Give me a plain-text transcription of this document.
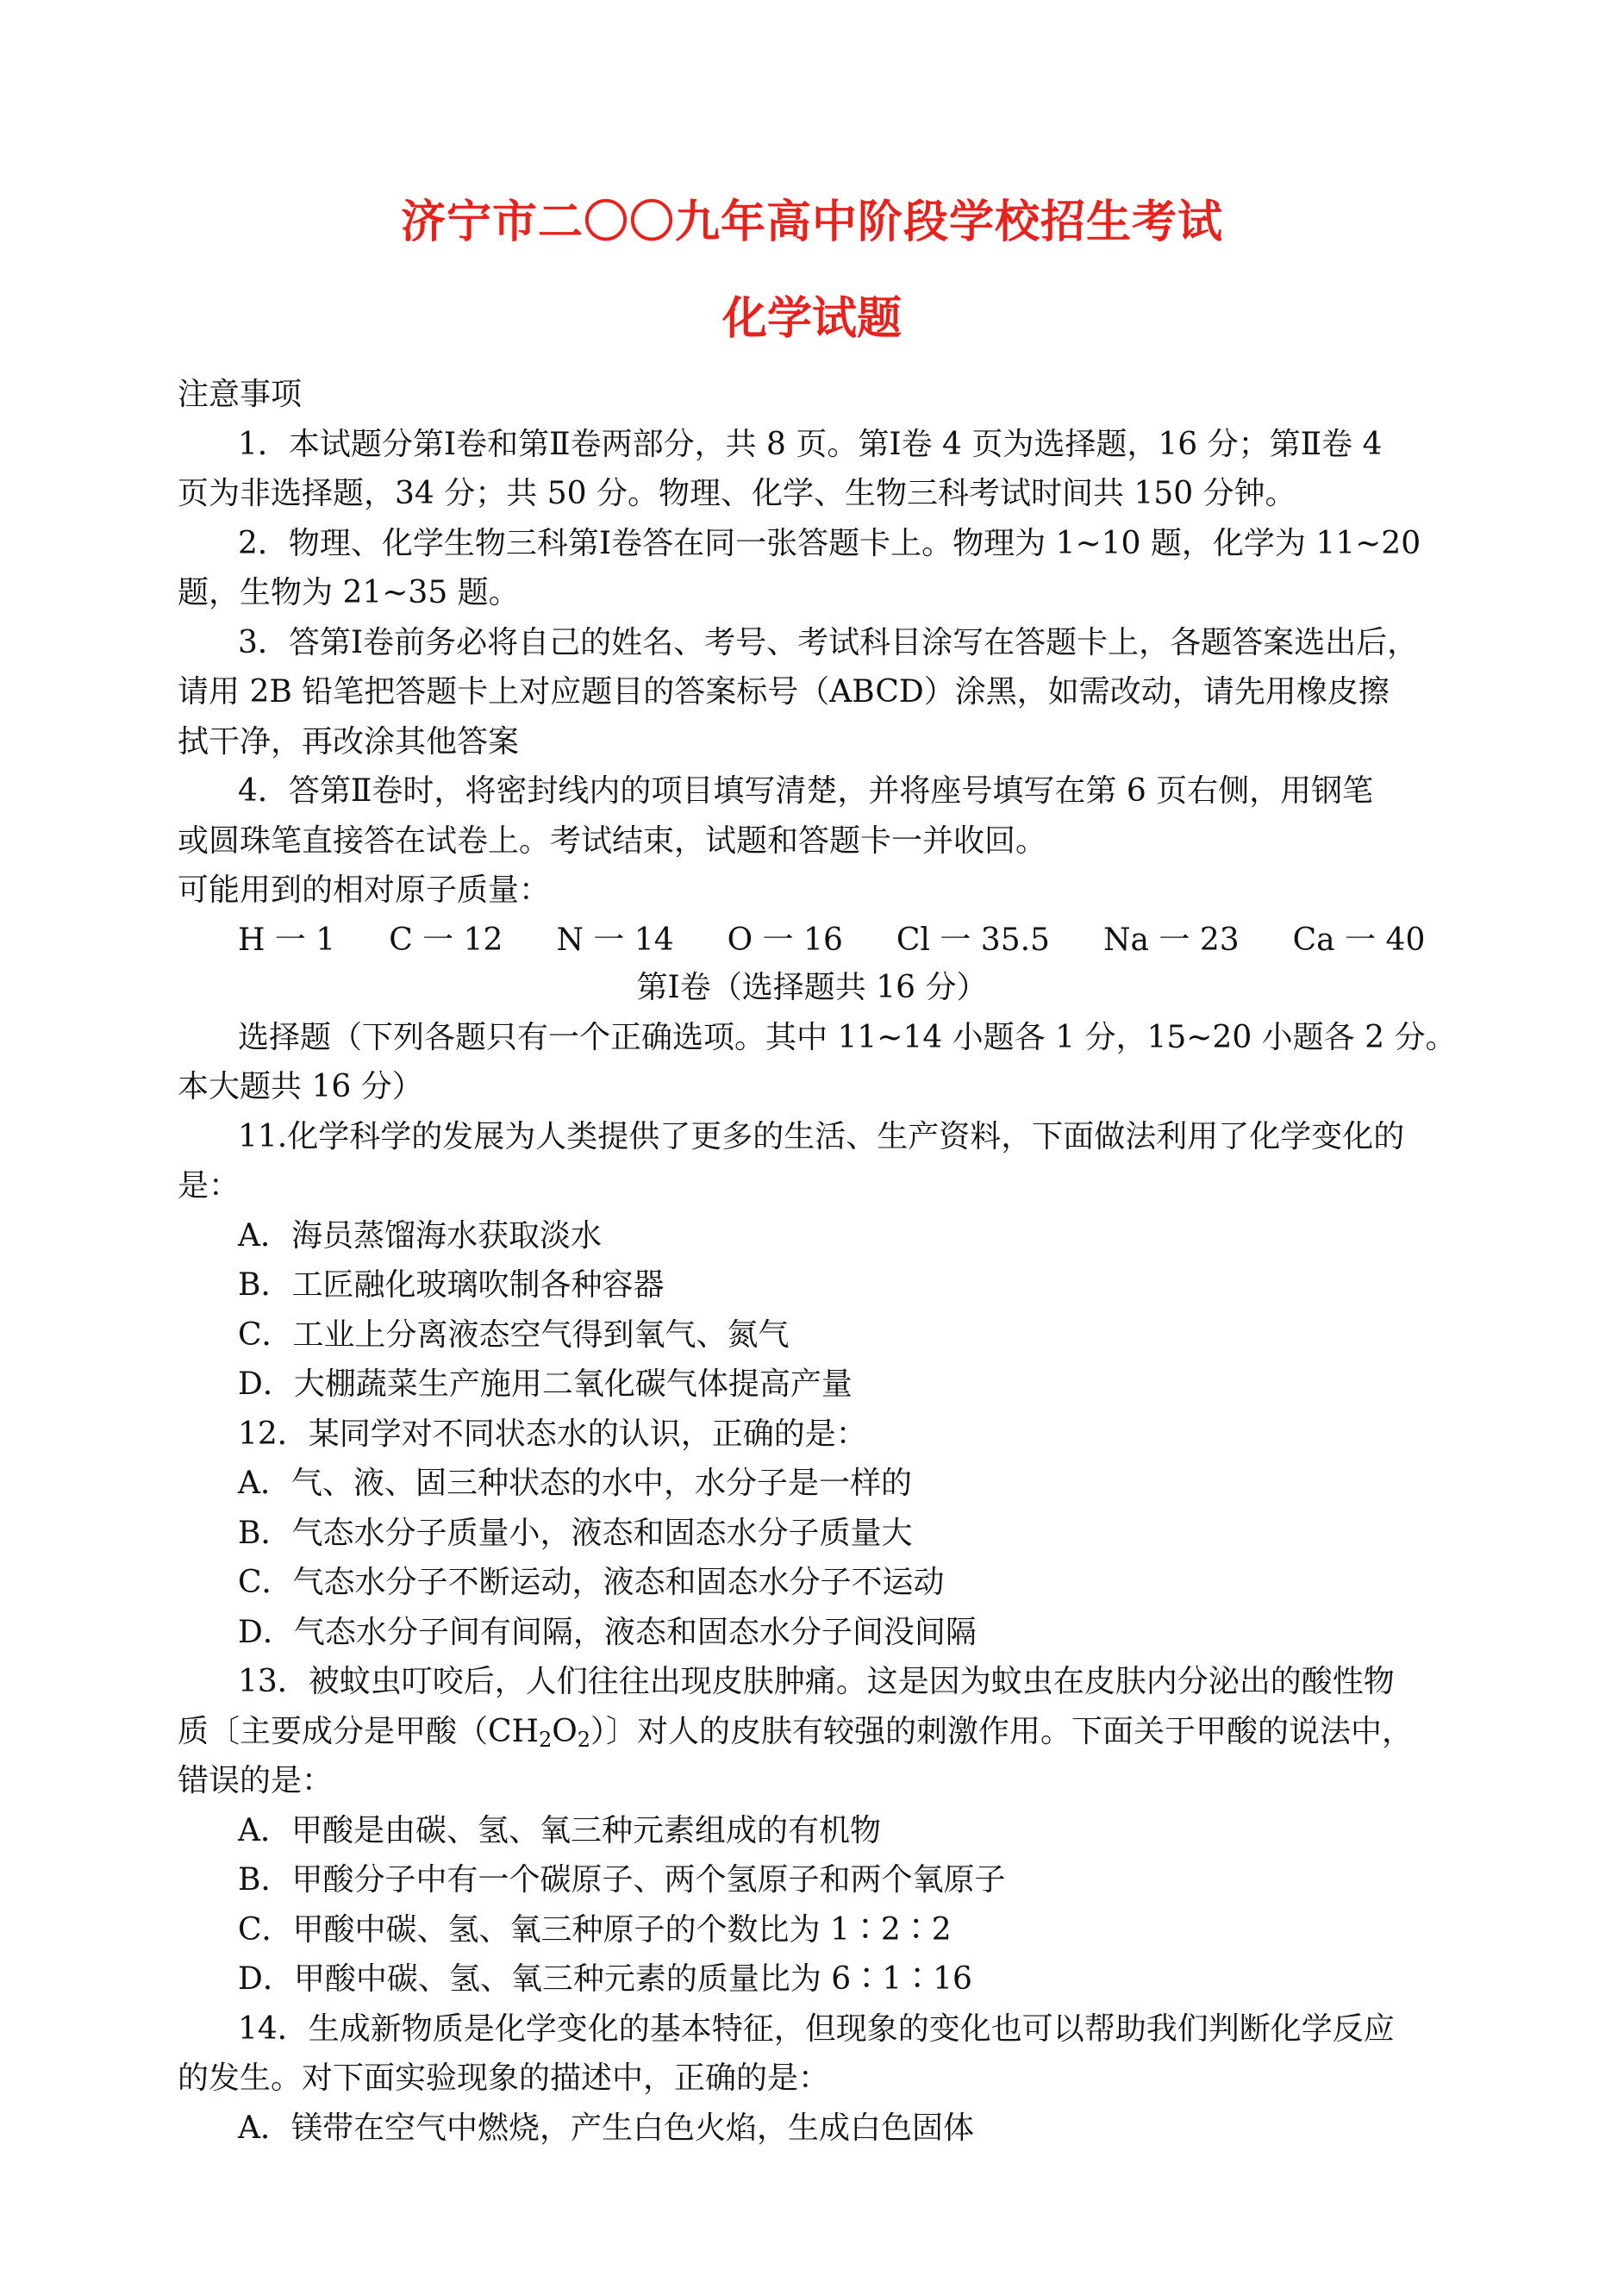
济宁市二〇〇九年高中阶段学校招生考试
化学试题
注意事项
1．本试题分第Ⅰ卷和第Ⅱ卷两部分，共 8 页。第Ⅰ卷 4 页为选择题，16 分；第Ⅱ卷 4
页为非选择题，34 分；共 50 分。物理、化学、生物三科考试时间共 150 分钟。
2．物理、化学生物三科第Ⅰ卷答在同一张答题卡上。物理为 1~10 题，化学为 11~20
题，生物为 21~35 题。
3．答第Ⅰ卷前务必将自己的姓名、考号、考试科目涂写在答题卡上，各题答案选出后，
请用 2B 铅笔把答题卡上对应题目的答案标号（ABCD）涂黑，如需改动，请先用橡皮擦
拭干净，再改涂其他答案
4．答第Ⅱ卷时，将密封线内的项目填写清楚，并将座号填写在第 6 页右侧，用钢笔
或圆珠笔直接答在试卷上。考试结束，试题和答题卡一并收回。
可能用到的相对原子质量：
H 一 1 C 一 12 N 一 14 O 一 16 Cl 一 35.5 Na 一 23 Ca 一 40
第Ⅰ卷（选择题共 16 分）
选择题（下列各题只有一个正确选项。其中 11~14 小题各 1 分，15~20 小题各 2 分。
本大题共 16 分）
11.化学科学的发展为人类提供了更多的生活、生产资料，下面做法利用了化学变化的
是：
A．海员蒸馏海水获取淡水
B．工匠融化玻璃吹制各种容器
C．工业上分离液态空气得到氧气、氮气
D．大棚蔬菜生产施用二氧化碳气体提高产量
12．某同学对不同状态水的认识，正确的是：
A．气、液、固三种状态的水中，水分子是一样的
B．气态水分子质量小，液态和固态水分子质量大
C．气态水分子不断运动，液态和固态水分子不运动
D．气态水分子间有间隔，液态和固态水分子间没间隔
13．被蚊虫叮咬后，人们往往出现皮肤肿痛。这是因为蚊虫在皮肤内分泌出的酸性物
质〔主要成分是甲酸$(CH_2O_2)$〕对人的皮肤有较强的刺激作用。下面关于甲酸的说法中，
错误的是：
A．甲酸是由碳、氢、氧三种元素组成的有机物
B．甲酸分子中有一个碳原子、两个氢原子和两个氧原子
C．甲酸中碳、氢、氧三种原子的个数比为 1∶2∶2
D．甲酸中碳、氢、氧三种元素的质量比为 6∶1∶16
14．生成新物质是化学变化的基本特征，但现象的变化也可以帮助我们判断化学反应
的发生。对下面实验现象的描述中，正确的是：
A．镁带在空气中燃烧，产生白色火焰，生成白色固体
